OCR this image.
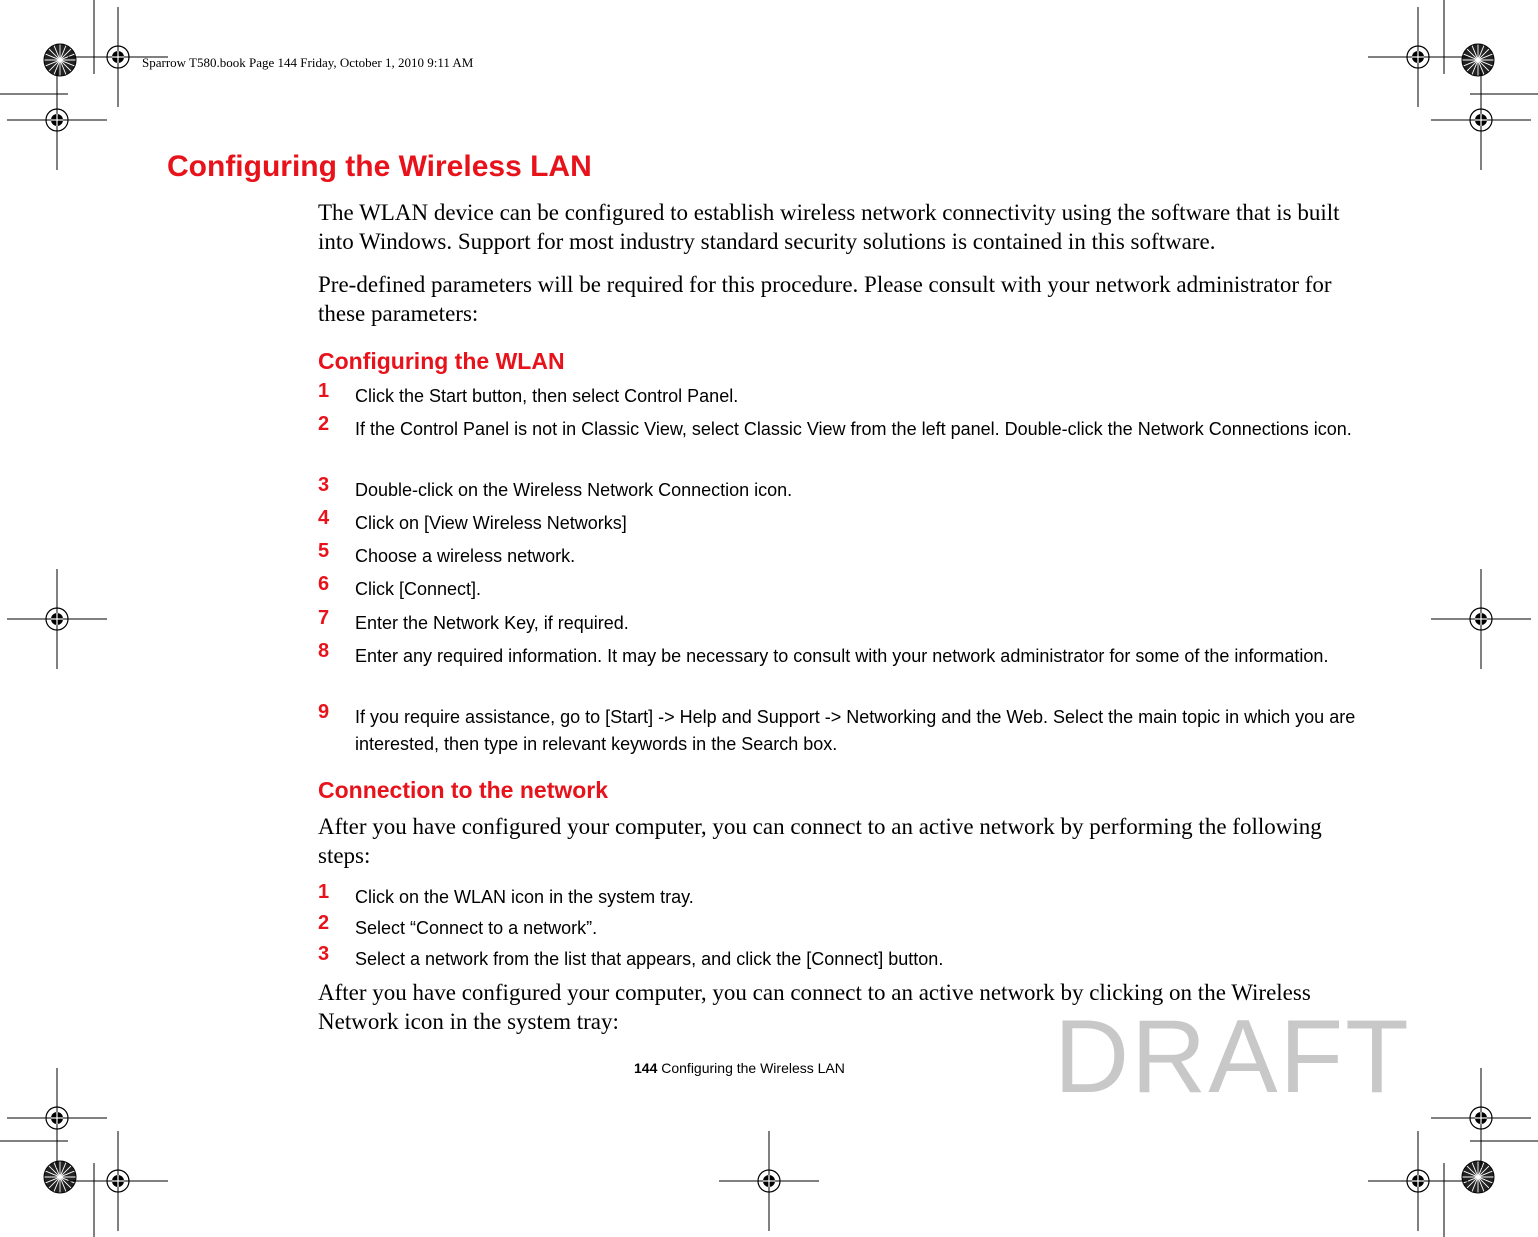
Sparrow T580.book Page 144 Friday, October 1, 2010 9:11 AM
Configuring the Wireless LAN

The WLAN device can be configured to establish wireless network connectivity using the software that is built into Windows. Support for most industry standard security solutions is contained in this software.

Pre-defined parameters will be required for this procedure. Please consult with your network administrator for these parameters:

Configuring the WLAN
1 Click the Start button, then select Control Panel.
2 If the Control Panel is not in Classic View, select Classic View from the left panel. Double-click the Network Connections icon.
3 Double-click on the Wireless Network Connection icon.
4 Click on [View Wireless Networks]
5 Choose a wireless network.
6 Click [Connect].
7 Enter the Network Key, if required.
8 Enter any required information. It may be necessary to consult with your network administrator for some of the information.
9 If you require assistance, go to [Start] -> Help and Support -> Networking and the Web. Select the main topic in which you are interested, then type in relevant keywords in the Search box.
Connection to the network

After you have configured your computer, you can connect to an active network by performing the following steps:

1 Click on the WLAN icon in the system tray.
2 Select “Connect to a network”.
3 Select a network from the list that appears, and click the [Connect] button.

After you have configured your computer, you can connect to an active network by clicking on the Wireless Network icon in the system tray:	DRAFT
144 Configuring the Wireless LAN
